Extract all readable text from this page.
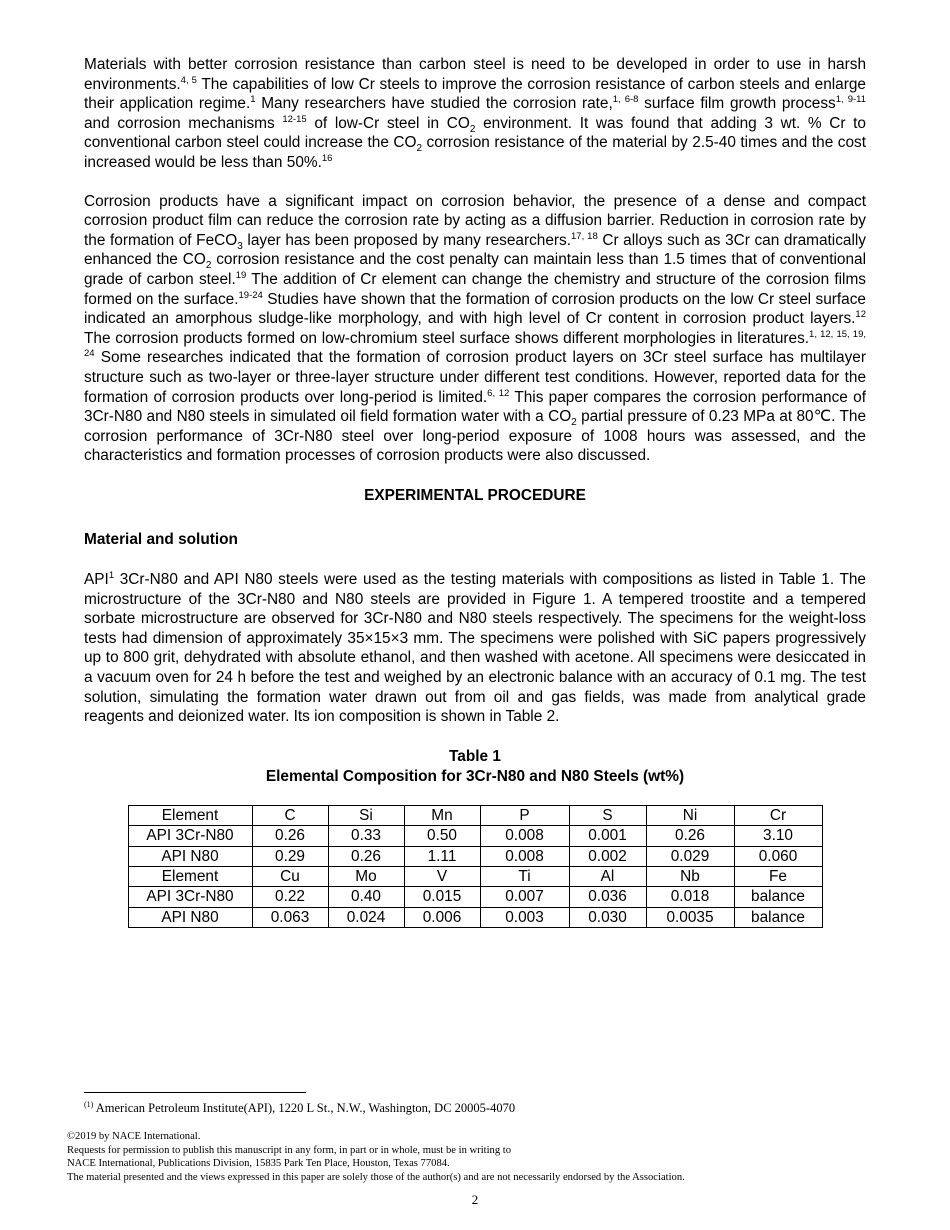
Materials with better corrosion resistance than carbon steel is need to be developed in order to use in harsh environments.$^{4, 5}$ The capabilities of low Cr steels to improve the corrosion resistance of carbon steels and enlarge their application regime.$^1$ Many researchers have studied the corrosion rate,$^{1, 6-8}$ surface film growth process$^{1, 9-11}$ and corrosion mechanisms $^{12-15}$ of low-Cr steel in $CO_2$ environment. It was found that adding 3 wt. % Cr to conventional carbon steel could increase the $CO_2$ corrosion resistance of the material by 2.5-40 times and the cost increased would be less than 50%.$^{16}$

Corrosion products have a significant impact on corrosion behavior, the presence of a dense and compact corrosion product film can reduce the corrosion rate by acting as a diffusion barrier. Reduction in corrosion rate by the formation of FeCO$_3$ layer has been proposed by many researchers.$^{17, 18}$ Cr alloys such as 3Cr can dramatically enhanced the $CO_2$ corrosion resistance and the cost penalty can maintain less than 1.5 times that of conventional grade of carbon steel.$^{19}$ The addition of Cr element can change the chemistry and structure of the corrosion films formed on the surface.$^{19-24}$ Studies have shown that the formation of corrosion products on the low Cr steel surface indicated an amorphous sludge-like morphology, and with high level of Cr content in corrosion product layers.$^{12}$ The corrosion products formed on low-chromium steel surface shows different morphologies in literatures.$^{1, 12, 15, 19, 24}$ Some researches indicated that the formation of corrosion product layers on 3Cr steel surface has multilayer structure such as two-layer or three-layer structure under different test conditions. However, reported data for the formation of corrosion products over long-period is limited.$^{6, 12}$ This paper compares the corrosion performance of 3Cr-N80 and N80 steels in simulated oil field formation water with a $CO_2$ partial pressure of 0.23 MPa at 80℃. The corrosion performance of 3Cr-N80 steel over long-period exposure of 1008 hours was assessed, and the characteristics and formation processes of corrosion products were also discussed.

EXPERIMENTAL PROCEDURE
Material and solution

API$^1$ 3Cr-N80 and API N80 steels were used as the testing materials with compositions as listed in Table 1. The microstructure of the 3Cr-N80 and N80 steels are provided in Figure 1. A tempered troostite and a tempered sorbate microstructure are observed for 3Cr-N80 and N80 steels respectively. The specimens for the weight-loss tests had dimension of approximately 35×15×3 mm. The specimens were polished with SiC papers progressively up to 800 grit, dehydrated with absolute ethanol, and then washed with acetone. All specimens were desiccated in a vacuum oven for 24 h before the test and weighed by an electronic balance with an accuracy of 0.1 mg. The test solution, simulating the formation water drawn out from oil and gas fields, was made from analytical grade reagents and deionized water. Its ion composition is shown in Table 2.

Table 1
Elemental Composition for 3Cr-N80 and N80 Steels (wt%)
Element	C	Si	Mn	P	S	Ni	Cr
API 3Cr-N80	0.26	0.33	0.50	0.008	0.001	0.26	3.10
API N80	0.29	0.26	1.11	0.008	0.002	0.029	0.060
Element	Cu	Mo	V	Ti	Al	Nb	Fe
API 3Cr-N80	0.22	0.40	0.015	0.007	0.036	0.018	balance
API N80	0.063	0.024	0.006	0.003	0.030	0.0035	balance
$^{(1)}$ American Petroleum Institute(API), 1220 L St., N.W., Washington, DC 20005-4070
©2019 by NACE International.
Requests for permission to publish this manuscript in any form, in part or in whole, must be in writing to
NACE International, Publications Division, 15835 Park Ten Place, Houston, Texas 77084.
The material presented and the views expressed in this paper are solely those of the author(s) and are not necessarily endorsed by the Association.
2
